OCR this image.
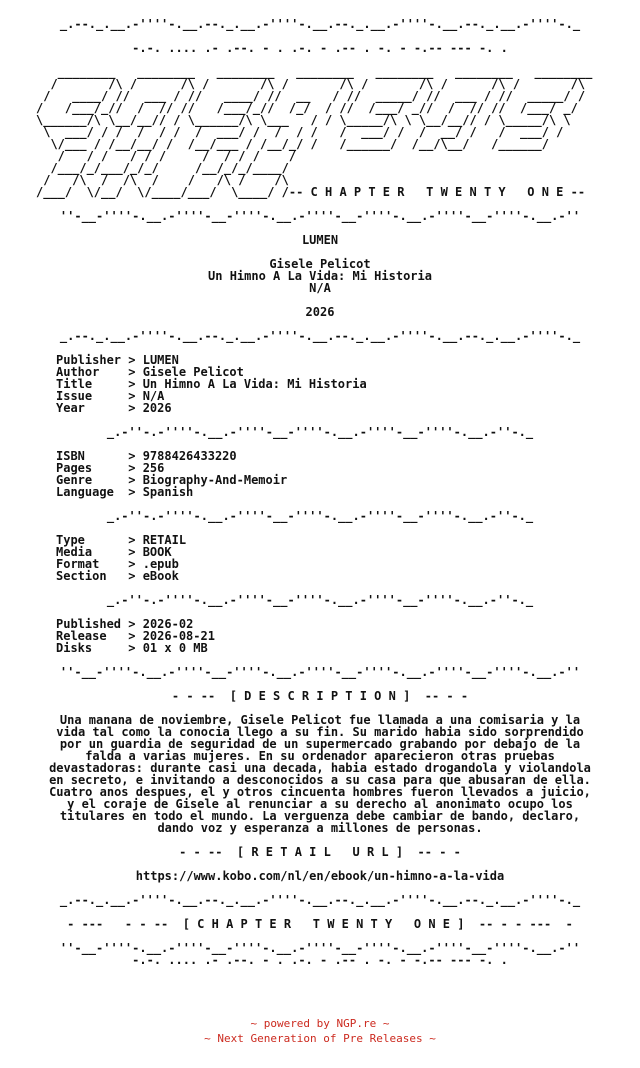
_.--._.__.-''''-.__.--._.__.-''''-.__.--._.__.-''''-.__.--._.__.-''''-._
-.-. .... .- .--. - . .-. - .-- . -. - -.-- --- -. .
________   ________   ________   ________   ________   ________   ________
/       /\ /      /\ /       /\ /       /\ /       /\ /      /\ /       /\
/   ____/ //  ___ / //   ____/ //  __   / //  _____/ //  ___ / //  _____/ /
/   /___/_//  /  // //   /___/_//  /_/  / //  /___/ _//  /  // //  /___/ _/
\______/\ \__/__// / \______/\ \___   / / \_____/\ \ \__/__// / \_____/\ \
\  ___/ / /  /  / /  /  ___/ /  /  / /   /  ___/ /  /  __/ /   /  ___/ /
\/___ / /__/__/ /  /__/___ / /__/_/ /   /______/  /__/\__/   /______/
/   / /   / / /     /  / / /    /
/___/_/___/_/_/     /__/_/_/____/
/   /\  /  /\  /    /   /\ /    /\
/___/  \/__/  \/____/___/  \____/ /-- C H A P T E R   T W E N T Y   O N E --
''-__-''''-.__.-''''-__-''''-.__.-''''-__-''''-.__.-''''-__-''''-.__.-''
LUMEN
Gisele Pelicot
Un Himno A La Vida: Mi Historia
N/A
2026
_.--._.__.-''''-.__.--._.__.-''''-.__.--._.__.-''''-.__.--._.__.-''''-._
Publisher > LUMEN
Author    > Gisele Pelicot
Title     > Un Himno A La Vida: Mi Historia
Issue     > N/A
Year      > 2026
_.-''-.-''''-.__.-''''-__-''''-.__.-''''-__-''''-.__.-''-._
ISBN      > 9788426433220
Pages     > 256
Genre     > Biography-And-Memoir
Language  > Spanish
_.-''-.-''''-.__.-''''-__-''''-.__.-''''-__-''''-.__.-''-._
Type      > RETAIL
Media     > BOOK
Format    > .epub
Section   > eBook
_.-''-.-''''-.__.-''''-__-''''-.__.-''''-__-''''-.__.-''-._
Published > 2026-02
Release   > 2026-08-21
Disks     > 01 x 0 MB
''-__-''''-.__.-''''-__-''''-.__.-''''-__-''''-.__.-''''-__-''''-.__.-''
- - --  [ D E S C R I P T I O N ]  -- - -
Una manana de noviembre, Gisele Pelicot fue llamada a una comisaria y la
vida tal como la conocia llego a su fin. Su marido habia sido sorprendido
por un guardia de seguridad de un supermercado grabando por debajo de la
falda a varias mujeres. En su ordenador aparecieron otras pruebas
devastadoras: durante casi una decada, habia estado drogandola y violandola
en secreto, e invitando a desconocidos a su casa para que abusaran de ella.
Cuatro anos despues, el y otros cincuenta hombres fueron llevados a juicio,
y el coraje de Gisele al renunciar a su derecho al anonimato ocupo los
titulares en todo el mundo. La verguenza debe cambiar de bando, declaro,
dando voz y esperanza a millones de personas.
- - --  [ R E T A I L   U R L ]  -- - -
https://www.kobo.com/nl/en/ebook/un-himno-a-la-vida
_.--._.__.-''''-.__.--._.__.-''''-.__.--._.__.-''''-.__.--._.__.-''''-._
- ---   - - --  [ C H A P T E R   T W E N T Y   O N E ]  -- - - ---  -
''-__-''''-.__.-''''-__-''''-.__.-''''-__-''''-.__.-''''-__-''''-.__.-''
-.-. .... .- .--. - . .-. - .-- . -. - -.-- --- -. .
~ powered by NGP.re ~
~ Next Generation of Pre Releases ~
